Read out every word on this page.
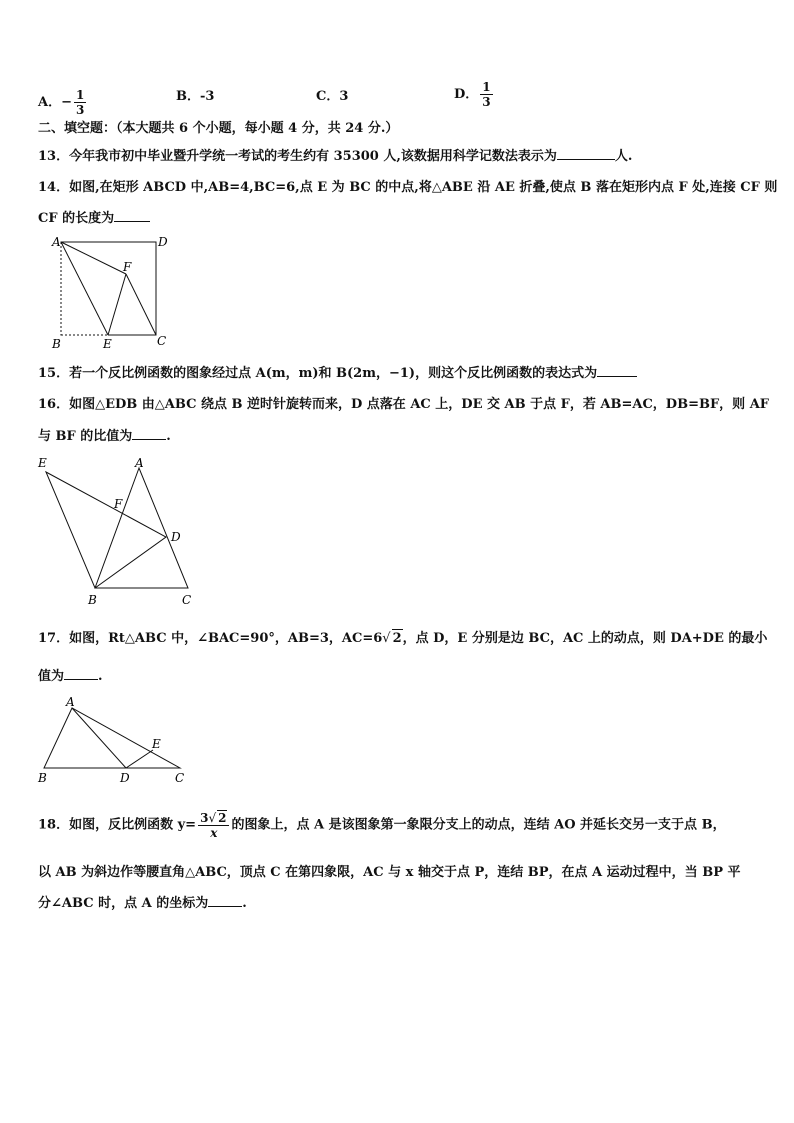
A．− $\frac{1}{3}$	B．-3	C．3	D． $\frac{1}{3}$
二、填空题：（本大题共 6 个小题，每小题 4 分，共 24 分.）
13．今年我市初中毕业暨升学统一考试的考生约有 35300 人,该数据用科学记数法表示为	人.
14．如图,在矩形 ABCD 中,AB=4,BC=6,点 E 为 BC 的中点,将△ABE 沿 AE 折叠,使点 B 落在矩形内点 F 处,连接 CF 则
CF 的长度为
A	D
F
B	E	C
15．若一个反比例函数的图象经过点 A(m，m)和 B(2m，−1)，则这个反比例函数的表达式为
16．如图△EDB 由△ABC 绕点 B 逆时针旋转而来，D 点落在 AC 上，DE 交 AB 于点 F，若 AB=AC，DB=BF，则 AF
与 BF 的比值为	.
E	A
F
D
B	C
17．如图，Rt△ABC 中，∠BAC=90°，AB=3，AC=6√ 2，点 D，E 分别是边 BC，AC 上的动点，则 DA+DE 的最小
值为	.
A
E
B	D	C
18．如图，反比例函数 $y= \frac{3√ 2}{x}$ 的图象上，点 A 是该图象第一象限分支上的动点，连结 AO 并延长交另一支于点 B，
以 AB 为斜边作等腰直角△ABC，顶点 C 在第四象限，AC 与 x 轴交于点 P，连结 BP，在点 A 运动过程中，当 BP 平
分∠ABC 时，点 A 的坐标为	.
